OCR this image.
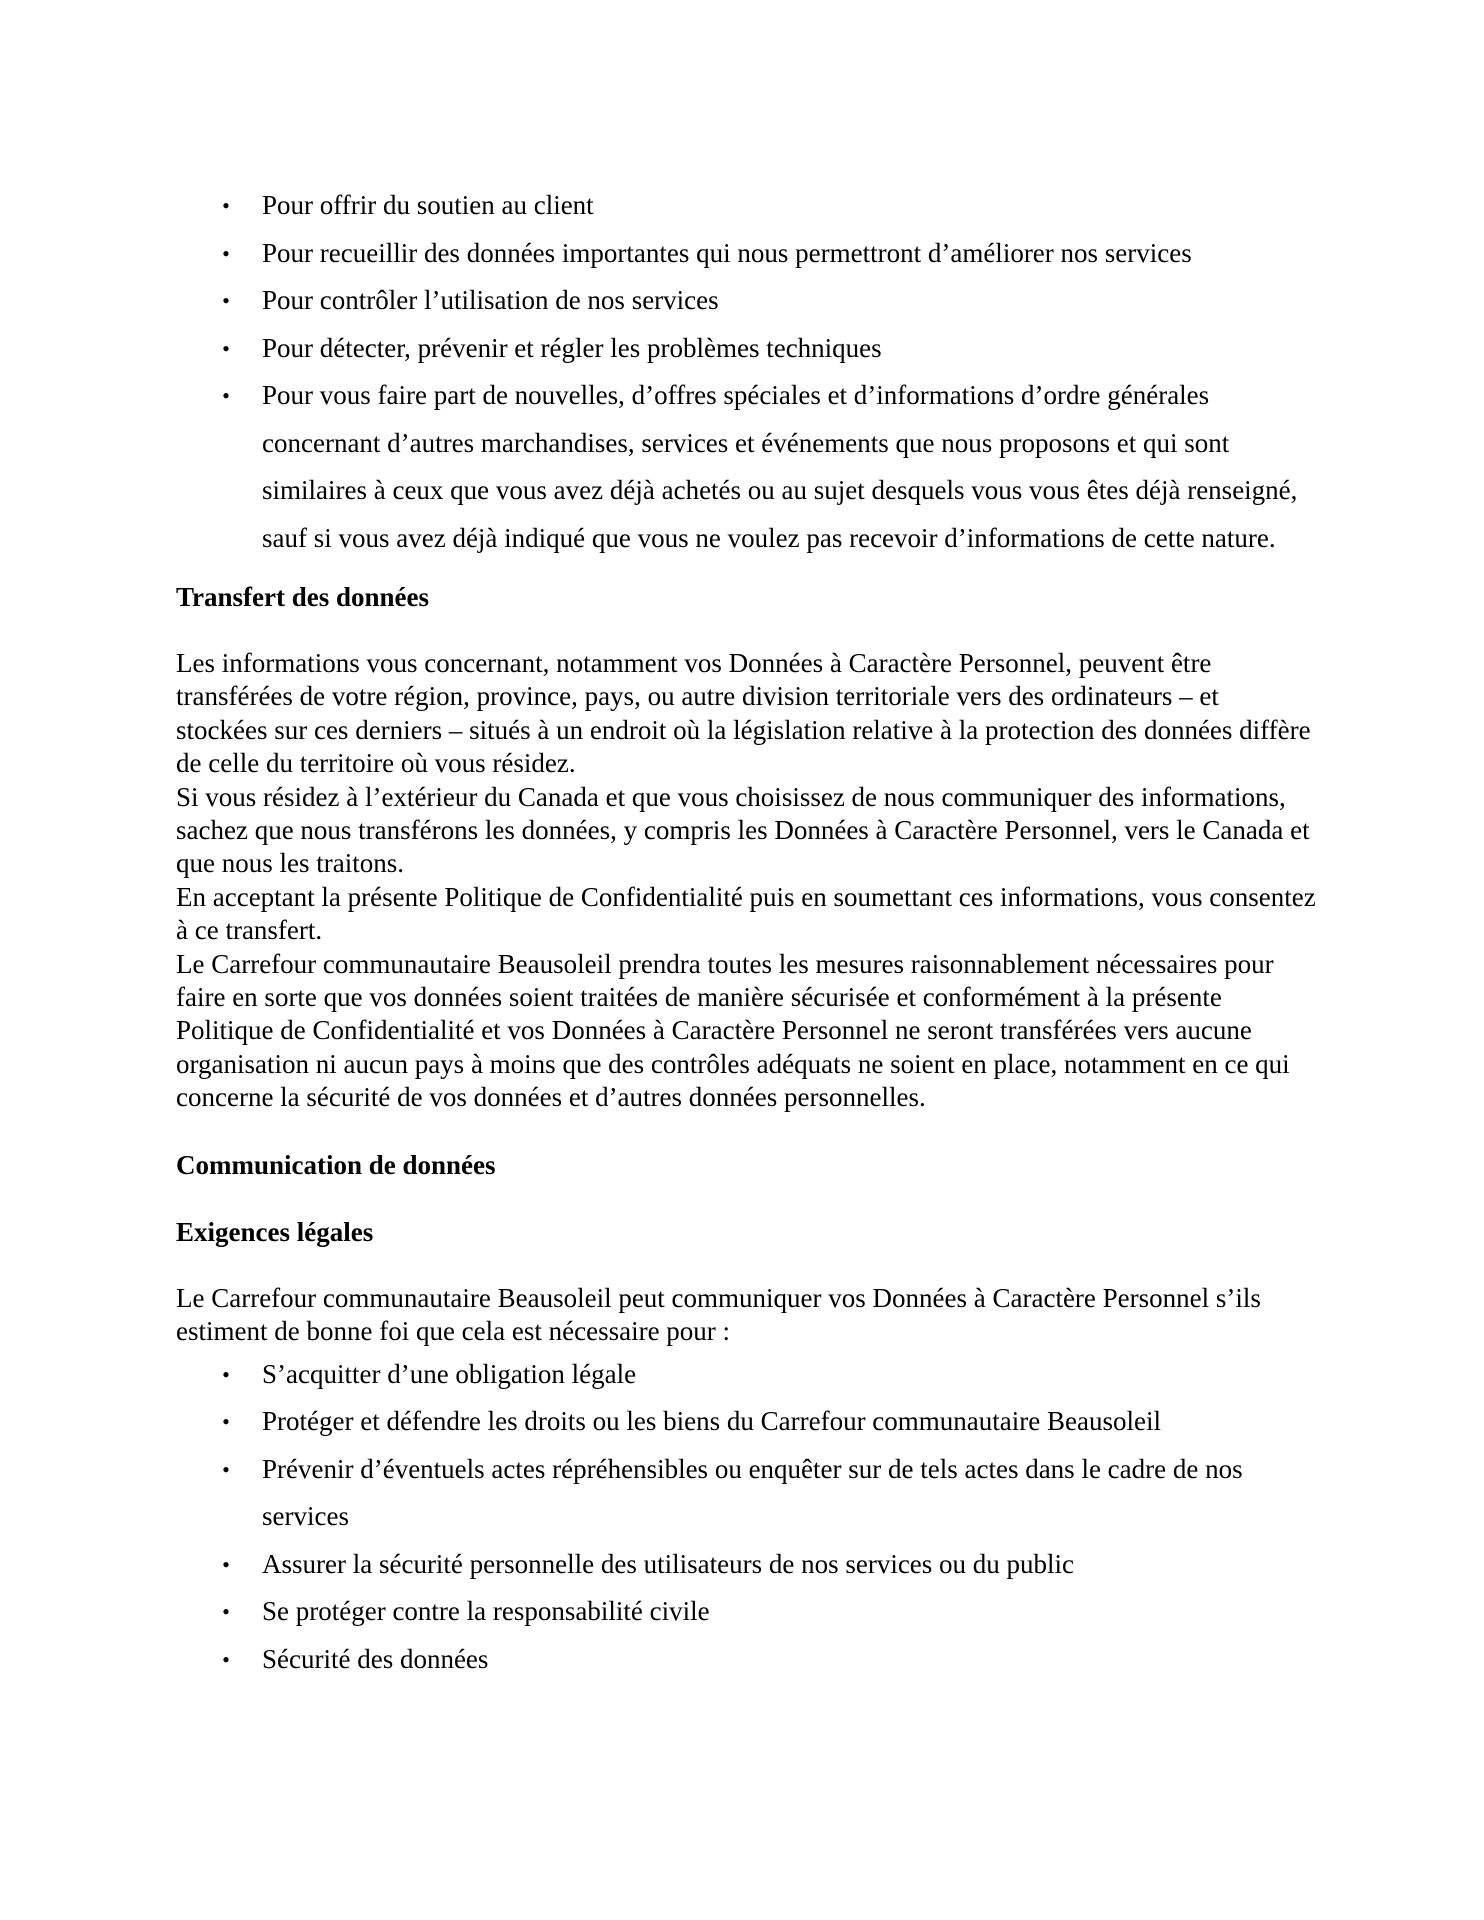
• Pour offrir du soutien au client
• Pour recueillir des données importantes qui nous permettront d’améliorer nos services
• Pour contrôler l’utilisation de nos services
• Pour détecter, prévenir et régler les problèmes techniques
• Pour vous faire part de nouvelles, d’offres spéciales et d’informations d’ordre générales concernant d’autres marchandises, services et événements que nous proposons et qui sont similaires à ceux que vous avez déjà achetés ou au sujet desquels vous vous êtes déjà renseigné, sauf si vous avez déjà indiqué que vous ne voulez pas recevoir d’informations de cette nature.
Transfert des données

Les informations vous concernant, notamment vos Données à Caractère Personnel, peuvent être transférées de votre région, province, pays, ou autre division territoriale vers des ordinateurs – et stockées sur ces derniers – situés à un endroit où la législation relative à la protection des données diffère de celle du territoire où vous résidez.

Si vous résidez à l’extérieur du Canada et que vous choisissez de nous communiquer des informations, sachez que nous transférons les données, y compris les Données à Caractère Personnel, vers le Canada et que nous les traitons.

En acceptant la présente Politique de Confidentialité puis en soumettant ces informations, vous consentez à ce transfert.

Le Carrefour communautaire Beausoleil prendra toutes les mesures raisonnablement nécessaires pour faire en sorte que vos données soient traitées de manière sécurisée et conformément à la présente Politique de Confidentialité et vos Données à Caractère Personnel ne seront transférées vers aucune organisation ni aucun pays à moins que des contrôles adéquats ne soient en place, notamment en ce qui concerne la sécurité de vos données et d’autres données personnelles.

Communication de données
Exigences légales

Le Carrefour communautaire Beausoleil peut communiquer vos Données à Caractère Personnel s’ils estiment de bonne foi que cela est nécessaire pour :

• S’acquitter d’une obligation légale
• Protéger et défendre les droits ou les biens du Carrefour communautaire Beausoleil
• Prévenir d’éventuels actes répréhensibles ou enquêter sur de tels actes dans le cadre de nos services
• Assurer la sécurité personnelle des utilisateurs de nos services ou du public
• Se protéger contre la responsabilité civile
• Sécurité des données
